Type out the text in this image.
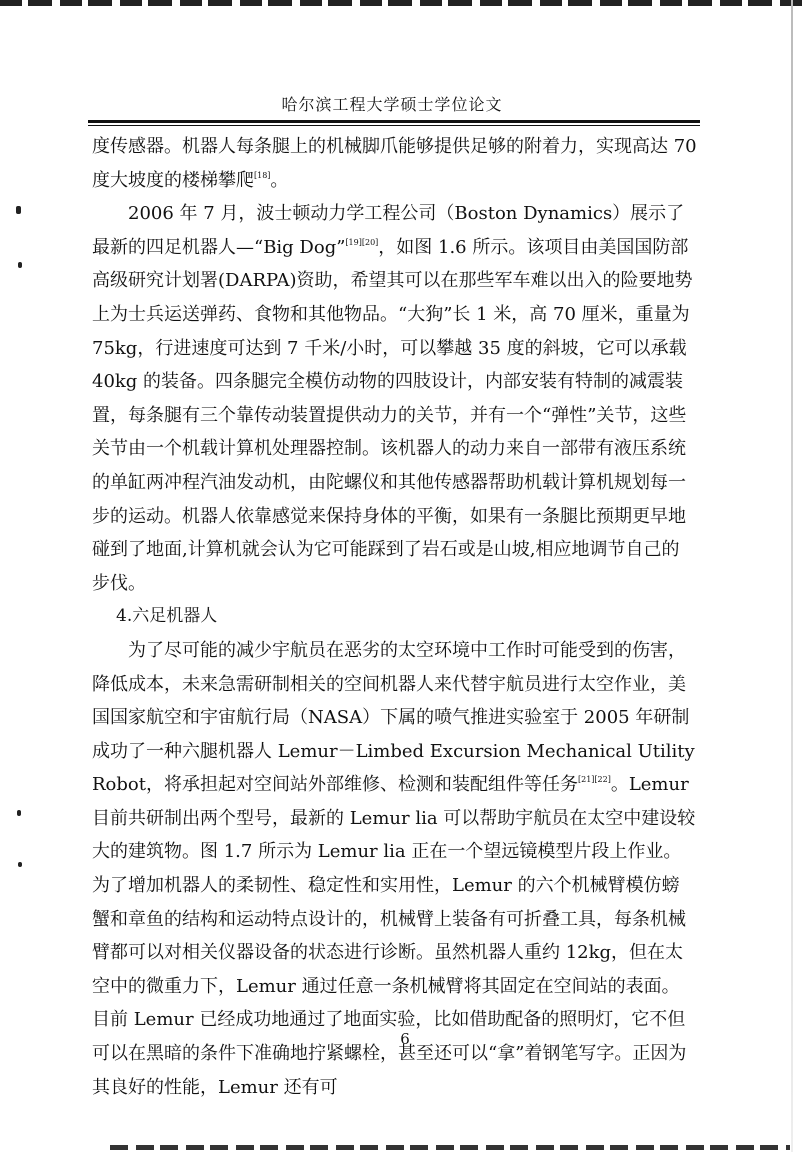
哈尔滨工程大学硕士学位论文

度传感器。机器人每条腿上的机械脚爪能够提供足够的附着力，实现高达 70 度大坡度的楼梯攀爬[18]。

2006 年 7 月，波士顿动力学工程公司（Boston Dynamics）展示了最新的四足机器人—“Big Dog”[19][20]，如图 1.6 所示。该项目由美国国防部高级研究计划署(DARPA)资助，希望其可以在那些军车难以出入的险要地势上为士兵运送弹药、食物和其他物品。“大狗”长 1 米，高 70 厘米，重量为 75kg，行进速度可达到 7 千米/小时，可以攀越 35 度的斜坡，它可以承载 40kg 的装备。四条腿完全模仿动物的四肢设计，内部安装有特制的减震装置，每条腿有三个靠传动装置提供动力的关节，并有一个“弹性”关节，这些关节由一个机载计算机处理器控制。该机器人的动力来自一部带有液压系统的单缸两冲程汽油发动机，由陀螺仪和其他传感器帮助机载计算机规划每一步的运动。机器人依靠感觉来保持身体的平衡，如果有一条腿比预期更早地碰到了地面,计算机就会认为它可能踩到了岩石或是山坡,相应地调节自己的步伐。

4.六足机器人

为了尽可能的减少宇航员在恶劣的太空环境中工作时可能受到的伤害，降低成本，未来急需研制相关的空间机器人来代替宇航员进行太空作业，美国国家航空和宇宙航行局（NASA）下属的喷气推进实验室于 2005 年研制成功了一种六腿机器人 Lemur－Limbed Excursion Mechanical Utility Robot，将承担起对空间站外部维修、检测和装配组件等任务[21][22]。Lemur 目前共研制出两个型号，最新的 Lemur lia 可以帮助宇航员在太空中建设较大的建筑物。图 1.7 所示为 Lemur lia 正在一个望远镜模型片段上作业。为了增加机器人的柔韧性、稳定性和实用性，Lemur 的六个机械臂模仿螃蟹和章鱼的结构和运动特点设计的，机械臂上装备有可折叠工具，每条机械臂都可以对相关仪器设备的状态进行诊断。虽然机器人重约 12kg，但在太空中的微重力下，Lemur 通过任意一条机械臂将其固定在空间站的表面。目前 Lemur 已经成功地通过了地面实验，比如借助配备的照明灯，它不但可以在黑暗的条件下准确地拧紧螺栓，甚至还可以“拿”着钢笔写字。正因为其良好的性能，Lemur 还有可

6
